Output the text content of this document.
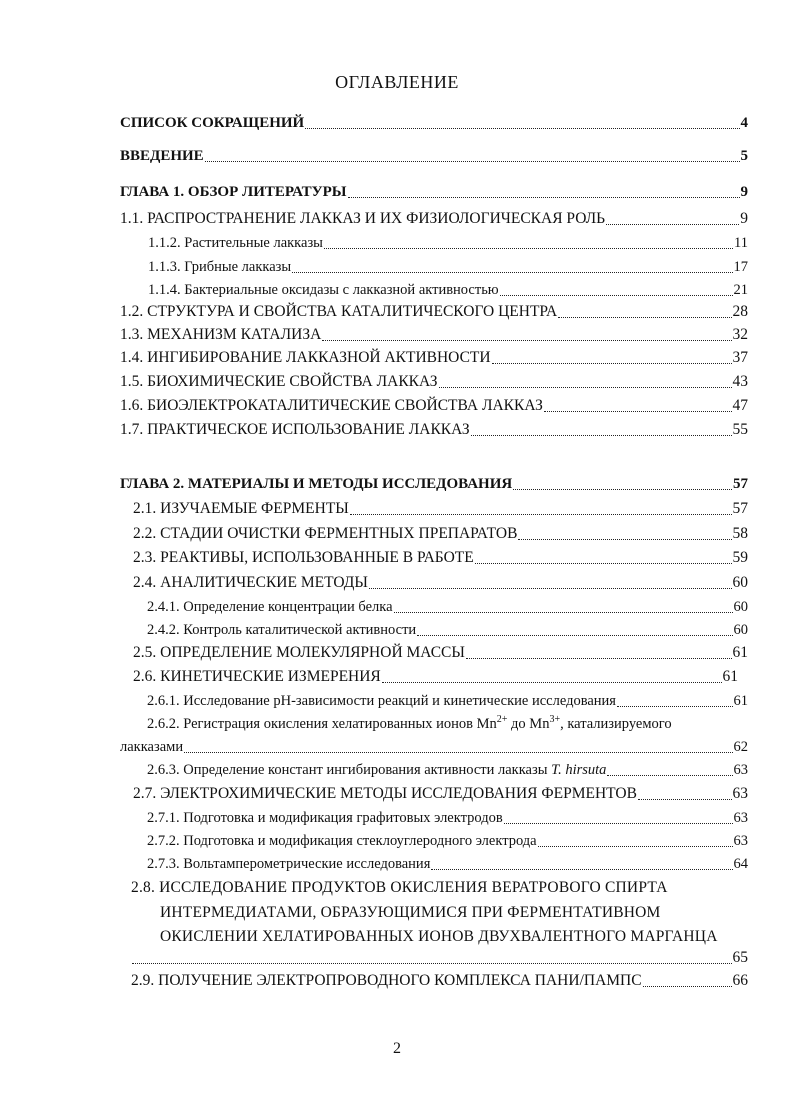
ОГЛАВЛЕНИЕ
СПИСОК СОКРАЩЕНИЙ	4
ВВЕДЕНИЕ	5
ГЛАВА 1. ОБЗОР ЛИТЕРАТУРЫ	9
1.1. РАСПРОСТРАНЕНИЕ ЛАККАЗ И ИХ ФИЗИОЛОГИЧЕСКАЯ РОЛЬ	9
1.1.2. Растительные лакказы	11
1.1.3. Грибные лакказы	17
1.1.4. Бактериальные оксидазы с лакказной активностью	21
1.2. СТРУКТУРА И СВОЙСТВА КАТАЛИТИЧЕСКОГО ЦЕНТРА	28
1.3. МЕХАНИЗМ КАТАЛИЗА	32
1.4. ИНГИБИРОВАНИЕ ЛАККАЗНОЙ АКТИВНОСТИ	37
1.5. БИОХИМИЧЕСКИЕ СВОЙСТВА ЛАККАЗ	43
1.6. БИОЭЛЕКТРОКАТАЛИТИЧЕСКИЕ СВОЙСТВА ЛАККАЗ	47
1.7. ПРАКТИЧЕСКОЕ ИСПОЛЬЗОВАНИЕ ЛАККАЗ	55
ГЛАВА 2. МАТЕРИАЛЫ И МЕТОДЫ ИССЛЕДОВАНИЯ	57
2.1. ИЗУЧАЕМЫЕ ФЕРМЕНТЫ	57
2.2. СТАДИИ ОЧИСТКИ ФЕРМЕНТНЫХ ПРЕПАРАТОВ	58
2.3. РЕАКТИВЫ, ИСПОЛЬЗОВАННЫЕ В РАБОТЕ	59
2.4. АНАЛИТИЧЕСКИЕ МЕТОДЫ	60
2.4.1. Определение концентрации белка	60
2.4.2. Контроль каталитической активности	60
2.5. ОПРЕДЕЛЕНИЕ МОЛЕКУЛЯРНОЙ МАССЫ	61
2.6. КИНЕТИЧЕСКИЕ ИЗМЕРЕНИЯ	61
2.6.1. Исследование pH-зависимости реакций и кинетические исследования	61
2.6.2. Регистрация окисления хелатированных ионов $Mn^{2+}$ до $Mn^{3+}$, катализируемого
лакказами	62
2.6.3. Определение констант ингибирования активности лакказы T. hirsuta	63
2.7. ЭЛЕКТРОХИМИЧЕСКИЕ МЕТОДЫ ИССЛЕДОВАНИЯ ФЕРМЕНТОВ	63
2.7.1. Подготовка и модификация графитовых электродов	63
2.7.2. Подготовка и модификация стеклоуглеродного электрода	63
2.7.3. Вольтамперометрические исследования	64
2.8. ИССЛЕДОВАНИЕ ПРОДУКТОВ ОКИСЛЕНИЯ ВЕРАТРОВОГО СПИРТА
ИНТЕРМЕДИАТАМИ, ОБРАЗУЮЩИМИСЯ ПРИ ФЕРМЕНТАТИВНОМ
ОКИСЛЕНИИ ХЕЛАТИРОВАННЫХ ИОНОВ ДВУХВАЛЕНТНОГО МАРГАНЦА
65
2.9. ПОЛУЧЕНИЕ ЭЛЕКТРОПРОВОДНОГО КОМПЛЕКСА ПАНИ/ПАМПС	66
2
